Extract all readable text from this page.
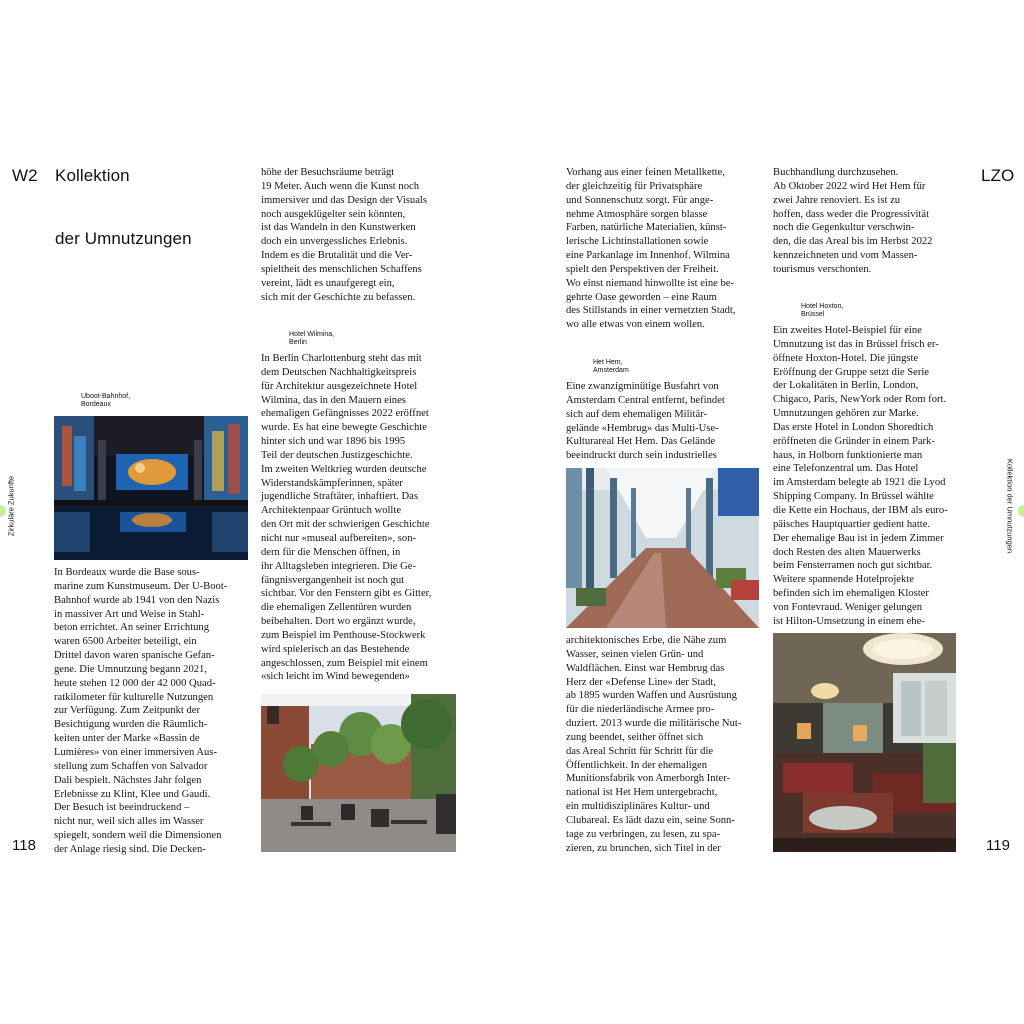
W2 Kollektion
der Umnutzungen
LZO
Zirkuläre Zukunfte	Kollektion der Umnutzungen
118	119
Uboot-Bahnhof,
Bordeaux
Hotel Wilmina,
Berlin
Het Hem,
Amsterdam
Hotel Hoxton,
Brüssel

In Bordeaux wurde die Base sous-

marine zum Kunstmuseum. Der U-Boot-

Bahnhof wurde ab 1941 von den Nazis

in massiver Art und Weise in Stahl-

beton errichtet. An seiner Errichtung

waren 6500 Arbeiter beteiligt, ein

Drittel davon waren spanische Gefan-

gene. Die Umnutzung begann 2021,

heute stehen 12 000 der 42 000 Quad-

ratkilometer für kulturelle Nutzungen

zur Verfügung. Zum Zeitpunkt der

Besichtigung wurden die Räumlich-

keiten unter der Marke «Bassin de

Lumières» von einer immersiven Aus-

stellung zum Schaffen von Salvador

Dali bespielt. Nächstes Jahr folgen

Erlebnisse zu Klint, Klee und Gaudi.

Der Besuch ist beeindruckend –

nicht nur, weil sich alles im Wasser

spiegelt, sondern weil die Dimensionen

der Anlage riesig sind. Die Decken-

höhe der Besuchsräume beträgt

19 Meter. Auch wenn die Kunst noch

immersiver und das Design der Visuals

noch ausgeklügelter sein könnten,

ist das Wandeln in den Kunstwerken

doch ein unvergessliches Erlebnis.

Indem es die Brutalität und die Ver-

spieltheit des menschlichen Schaffens

vereint, lädt es unaufgeregt ein,

sich mit der Geschichte zu befassen.

In Berlin Charlottenburg steht das mit

dem Deutschen Nachhaltigkeitspreis

für Architektur ausgezeichnete Hotel

Wilmina, das in den Mauern eines

ehemaligen Gefängnisses 2022 eröffnet

wurde. Es hat eine bewegte Geschichte

hinter sich und war 1896 bis 1995

Teil der deutschen Justizgeschichte.

Im zweiten Weltkrieg wurden deutsche

Widerstandskämpferinnen, später

jugendliche Straftäter, inhaftiert. Das

Architektenpaar Grüntuch wollte

den Ort mit der schwierigen Geschichte

nicht nur «museal aufbereiten», son-

dern für die Menschen öffnen, in

ihr Alltagsleben integrieren. Die Ge-

fängnisvergangenheit ist noch gut

sichtbar. Vor den Fenstern gibt es Gitter,

die ehemaligen Zellentüren wurden

beibehalten. Dort wo ergänzt wurde,

zum Beispiel im Penthouse-Stockwerk

wird spielerisch an das Bestehende

angeschlossen, zum Beispiel mit einem

«sich leicht im Wind bewegenden»

Vorhang aus einer feinen Metallkette,

der gleichzeitig für Privatsphäre

und Sonnenschutz sorgt. Für ange-

nehme Atmosphäre sorgen blasse

Farben, natürliche Materialien, künst-

lerische Lichtinstallationen sowie

eine Parkanlage im Innenhof. Wilmina

spielt den Perspektiven der Freiheit.

Wo einst niemand hinwollte ist eine be-

gehrte Oase geworden – eine Raum

des Stillstands in einer vernetzten Stadt,

wo alle etwas von einem wollen.

Eine zwanzigminütige Busfahrt von

Amsterdam Central entfernt, befindet

sich auf dem ehemaligen Militär-

gelände «Hembrug» das Multi-Use-

Kulturareal Het Hem. Das Gelände

beeindruckt durch sein industrielles

architektonisches Erbe, die Nähe zum

Wasser, seinen vielen Grün- und

Waldflächen. Einst war Hembrug das

Herz der «Defense Line» der Stadt,

ab 1895 wurden Waffen und Ausrüstung

für die niederländische Armee pro-

duziert. 2013 wurde die militärische Nut-

zung beendet, seither öffnet sich

das Areal Schritt für Schritt für die

Öffentlichkeit. In der ehemaligen

Munitionsfabrik von Amerborgh Inter-

national ist Het Hem untergebracht,

ein multidisziplinäres Kultur- und

Clubareal. Es lädt dazu ein, seine Sonn-

tage zu verbringen, zu lesen, zu spa-

zieren, zu brunchen, sich Titel in der

Buchhandlung durchzusehen.

Ab Oktober 2022 wird Het Hem für

zwei Jahre renoviert. Es ist zu

hoffen, dass weder die Progressivität

noch die Gegenkultur verschwin-

den, die das Areal bis im Herbst 2022

kennzeichneten und vom Massen-

tourismus verschonten.

Ein zweites Hotel-Beispiel für eine

Umnutzung ist das in Brüssel frisch er-

öffnete Hoxton-Hotel. Die jüngste

Eröffnung der Gruppe setzt die Serie

der Lokalitäten in Berlin, London,

Chigaco, Paris, NewYork oder Rom fort.

Umnutzungen gehören zur Marke.

Das erste Hotel in London Shoredtich

eröffneten die Gründer in einem Park-

haus, in Holborn funktionierte man

eine Telefonzentral um. Das Hotel

im Amsterdam belegte ab 1921 die Lyod

Shipping Company. In Brüssel wählte

die Kette ein Hochaus, der IBM als euro-

päisches Hauptquartier gedient hatte.

Der ehemalige Bau ist in jedem Zimmer

doch Resten des alten Mauerwerks

beim Fensterramen noch gut sichtbar.

Weitere spannende Hotelprojekte

befinden sich im ehemaligen Kloster

von Fontevraud. Weniger gelungen

ist Hilton-Umsetzung in einem ehe-
